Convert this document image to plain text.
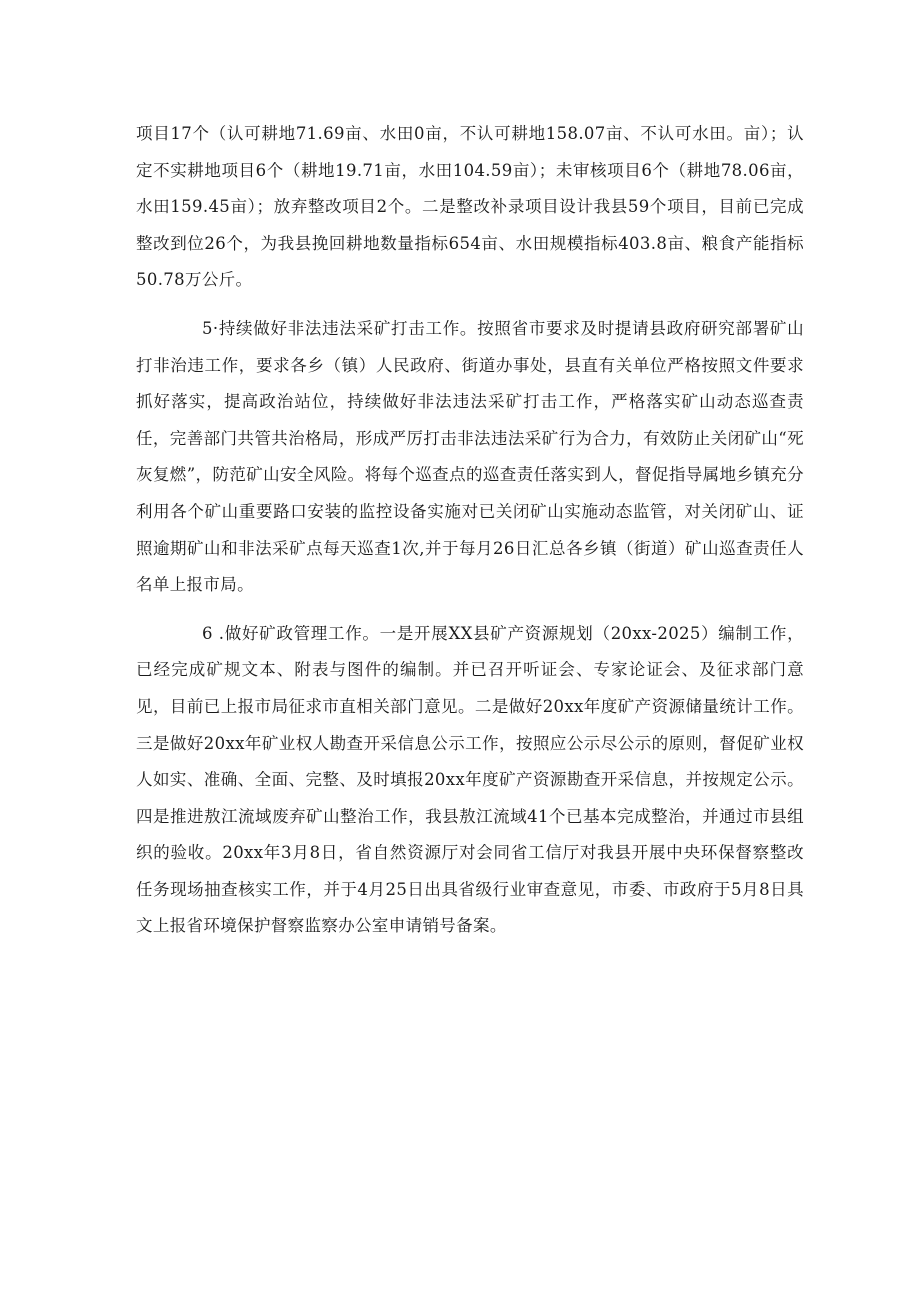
项目17个（认可耕地71.69亩、水田0亩，不认可耕地158.07亩、不认可水田。亩）；认定不实耕地项目6个（耕地19.71亩，水田104.59亩）；未审核项目6个（耕地78.06亩，水田159.45亩）；放弃整改项目2个。二是整改补录项目设计我县59个项目，目前已完成整改到位26个，为我县挽回耕地数量指标654亩、水田规模指标403.8亩、粮食产能指标50.78万公斤。

5·持续做好非法违法采矿打击工作。按照省市要求及时提请县政府研究部署矿山打非治违工作，要求各乡（镇）人民政府、街道办事处，县直有关单位严格按照文件要求抓好落实，提高政治站位，持续做好非法违法采矿打击工作，严格落实矿山动态巡查责任，完善部门共管共治格局，形成严厉打击非法违法采矿行为合力，有效防止关闭矿山“死灰复燃”，防范矿山安全风险。将每个巡查点的巡查责任落实到人，督促指导属地乡镇充分利用各个矿山重要路口安装的监控设备实施对已关闭矿山实施动态监管，对关闭矿山、证照逾期矿山和非法采矿点每天巡查1次,并于每月26日汇总各乡镇（街道）矿山巡查责任人名单上报市局。

6 .做好矿政管理工作。一是开展XX县矿产资源规划（20xx-2025）编制工作，已经完成矿规文本、附表与图件的编制。并已召开听证会、专家论证会、及征求部门意见，目前已上报市局征求市直相关部门意见。二是做好20xx年度矿产资源储量统计工作。三是做好20xx年矿业权人勘查开采信息公示工作，按照应公示尽公示的原则，督促矿业权人如实、准确、全面、完整、及时填报20xx年度矿产资源勘查开采信息，并按规定公示。四是推进敖江流域废弃矿山整治工作，我县敖江流域41个已基本完成整治，并通过市县组织的验收。20xx年3月8日，省自然资源厅对会同省工信厅对我县开展中央环保督察整改任务现场抽查核实工作，并于4月25日出具省级行业审查意见，市委、市政府于5月8日具文上报省环境保护督察监察办公室申请销号备案。
